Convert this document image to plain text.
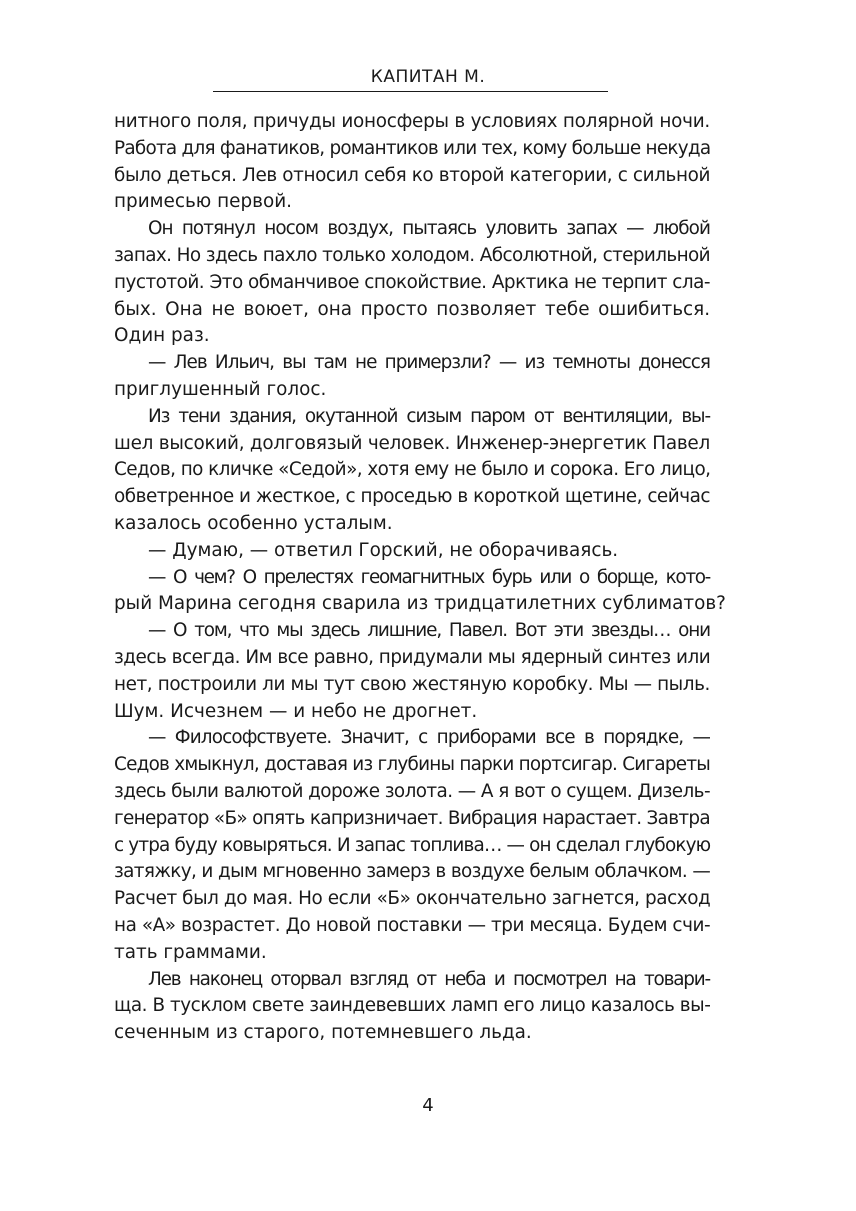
КАПИТАН М.
нитного поля, причуды ионосферы в условиях полярной ночи.
Работа для фанатиков, романтиков или тех, кому больше некуда
было деться. Лев относил себя ко второй категории, с сильной
примесью первой.
Он потянул носом воздух, пытаясь уловить запах — любой
запах. Но здесь пахло только холодом. Абсолютной, стерильной
пустотой. Это обманчивое спокойствие. Арктика не терпит сла-
бых. Она не воюет, она просто позволяет тебе ошибиться.
Один раз.
— Лев Ильич, вы там не примерзли? — из темноты донесся
приглушенный голос.
Из тени здания, окутанной сизым паром от вентиляции, вы-
шел высокий, долговязый человек. Инженер-энергетик Павел
Седов, по кличке «Седой», хотя ему не было и сорока. Его лицо,
обветренное и жесткое, с проседью в короткой щетине, сейчас
казалось особенно усталым.
— Думаю, — ответил Горский, не оборачиваясь.
— О чем? О прелестях геомагнитных бурь или о борще, кото-
рый Марина сегодня сварила из тридцатилетних сублиматов?
— О том, что мы здесь лишние, Павел. Вот эти звезды… они
здесь всегда. Им все равно, придумали мы ядерный синтез или
нет, построили ли мы тут свою жестяную коробку. Мы — пыль.
Шум. Исчезнем — и небо не дрогнет.
— Философствуете. Значит, с приборами все в порядке, —
Седов хмыкнул, доставая из глубины парки портсигар. Сигареты
здесь были валютой дороже золота. — А я вот о сущем. Дизель-
генератор «Б» опять капризничает. Вибрация нарастает. Завтра
с утра буду ковыряться. И запас топлива… — он сделал глубокую
затяжку, и дым мгновенно замерз в воздухе белым облачком. —
Расчет был до мая. Но если «Б» окончательно загнется, расход
на «А» возрастет. До новой поставки — три месяца. Будем счи-
тать граммами.
Лев наконец оторвал взгляд от неба и посмотрел на товари-
ща. В тусклом свете заиндевевших ламп его лицо казалось вы-
сеченным из старого, потемневшего льда.
4
